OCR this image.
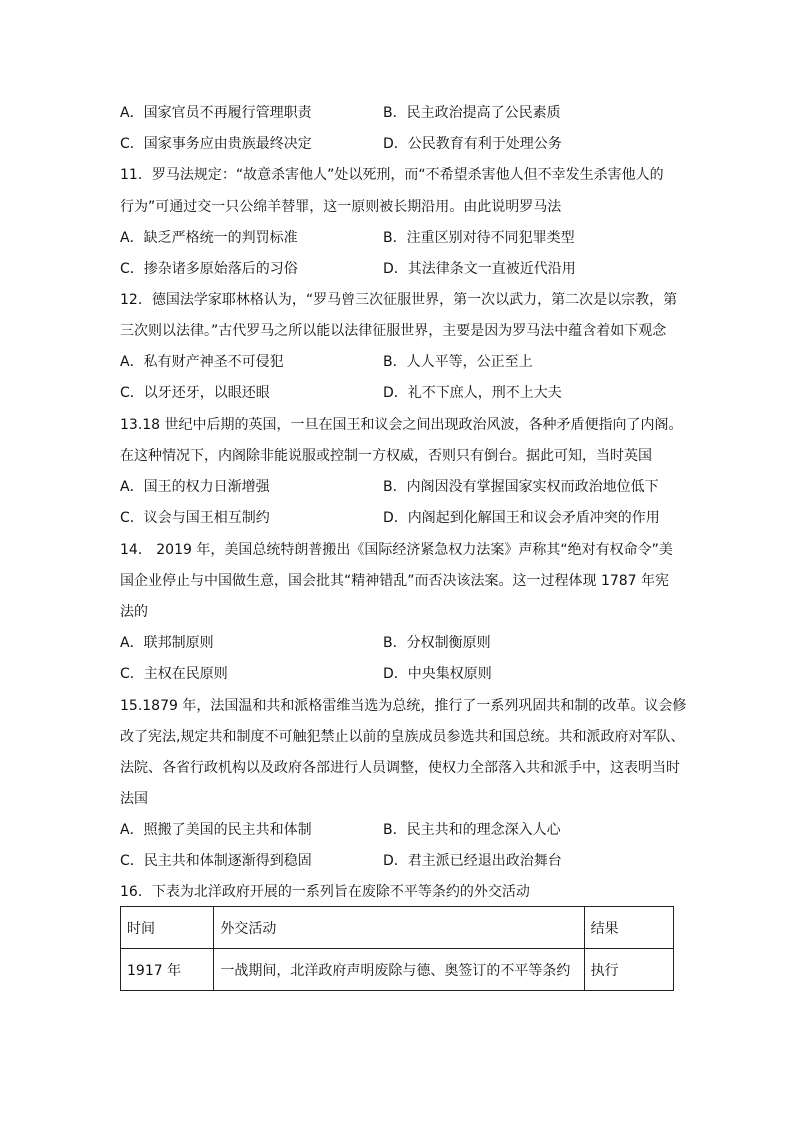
A．国家官员不再履行管理职责	B．民主政治提高了公民素质
C．国家事务应由贵族最终决定	D．公民教育有利于处理公务
11．罗马法规定：“故意杀害他人”处以死刑，而“不希望杀害他人但不幸发生杀害他人的
行为”可通过交一只公绵羊替罪，这一原则被长期沿用。由此说明罗马法
A．缺乏严格统一的判罚标准	B．注重区别对待不同犯罪类型
C．掺杂诸多原始落后的习俗	D．其法律条文一直被近代沿用
12．德国法学家耶林格认为，“罗马曾三次征服世界，第一次以武力，第二次是以宗教，第
三次则以法律。”古代罗马之所以能以法律征服世界，主要是因为罗马法中蕴含着如下观念
A．私有财产神圣不可侵犯	B．人人平等，公正至上
C．以牙还牙，以眼还眼	D．礼不下庶人，刑不上大夫
13.18 世纪中后期的英国，一旦在国王和议会之间出现政治风波，各种矛盾便指向了内阁。
在这种情况下，内阁除非能说服或控制一方权威，否则只有倒台。据此可知，当时英国
A．国王的权力日渐增强	B．内阁因没有掌握国家实权而政治地位低下
C．议会与国王相互制约	D．内阁起到化解国王和议会矛盾冲突的作用
14． 2019 年，美国总统特朗普搬出《国际经济紧急权力法案》声称其“绝对有权命令”美
国企业停止与中国做生意，国会批其“精神错乱”而否决该法案。这一过程体现 1787 年宪
法的
A．联邦制原则	B．分权制衡原则
C．主权在民原则	D．中央集权原则
15.1879 年，法国温和共和派格雷维当选为总统，推行了一系列巩固共和制的改革。议会修
改了宪法,规定共和制度不可触犯禁止以前的皇族成员参选共和国总统。共和派政府对军队、
法院、各省行政机构以及政府各部进行人员调整，使权力全部落入共和派手中，这表明当时
法国
A．照搬了美国的民主共和体制	B．民主共和的理念深入人心
C．民主共和体制逐渐得到稳固	D．君主派已经退出政治舞台
16．下表为北洋政府开展的一系列旨在废除不平等条约的外交活动
时间	外交活动	结果
1917 年	一战期间，北洋政府声明废除与德、奥签订的不平等条约	执行
